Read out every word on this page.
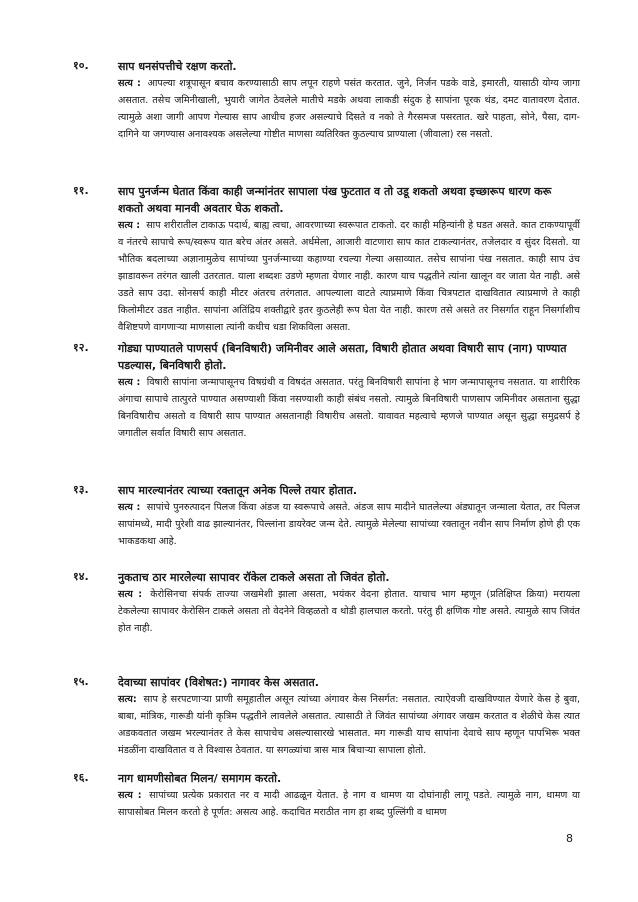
१०.	साप धनसंपत्तीचे रक्षण करतो.
सत्य : आपल्या शत्रूपासून बचाव करण्यासाठी साप लपून राहणे पसंत करतात. जुने, निर्जन पडके वाडे, इमारती, यासाठी योग्य जागा असतात. तसेच जमिनीखाली, भुयारी जागेत ठेवलेले मातीचे मडके अथवा लाकडी संदुक हे सापांना पूरक थंड, दमट वातावरण देतात. त्यामुळे अशा जागी आपण गेल्यास साप आधीच हजर असल्याचे दिसते व नको ते गैरसमज पसरतात. खरे पाहता, सोने, पैसा, दाग-दागिने या जगण्यास अनावश्यक असलेल्या गोष्टीत माणसा व्यतिरिक्त कुठल्याच प्राण्याला (जीवाला) रस नसतो.
११.	साप पुनर्जन्म घेतात किंवा काही जन्मांनंतर सापाला पंख फुटतात व तो उडू शकतो अथवा इच्छारूप धारण करू शकतो अथवा मानवी अवतार घेऊ शकतो.
सत्य : साप शरीरातील टाकाऊ पदार्थ, बाह्य त्वचा, आवरणाच्या स्वरूपात टाकतो. दर काही महिन्यांनी हे घडत असते. कात टाकण्यापूर्वी व नंतरचे सापाचे रूप/स्वरूप यात बरेच अंतर असते. अर्धमेला, आजारी वाटणारा साप कात टाकल्यानंतर, तजेलदार व सुंदर दिसतो. या भौतिक बदलाच्या अज्ञानामुळेच सापांच्या पुनर्जन्माच्या कहाण्या रचल्या गेल्या असाव्यात. तसेच सापांना पंख नसतात. काही साप उंच झाडावरून तरंगत खाली उतरतात. याला शब्दशः उडणे म्हणता येणार नाही. कारण याच पद्धतीने त्यांना खालून वर जाता येत नाही. असे उडते साप उदा. सोनसर्प काही मीटर अंतरच तरंगतात. आपल्याला वाटते त्याप्रमाणे किंवा चित्रपटात दाखवितात त्याप्रमाणे ते काही किलोमीटर उडत नाहीत. सापांना अतिंद्रिय शक्तीद्वारे इतर कुठलेही रूप घेता येत नाही. कारण तसे असते तर निसर्गात राहून निसर्गाशीच वैशिष्टपणे वागणाऱ्या माणसाला त्यांनी कधीच धडा शिकविला असता.
१२.	गोड्या पाण्यातले पाणसर्प (बिनविषारी) जमिनीवर आले असता, विषारी होतात अथवा विषारी साप (नाग) पाण्यात पडल्यास, बिनविषारी होतो.
सत्य : विषारी सापांना जन्मापासूनच विषग्रंथी व विषदंत असतात. परंतु बिनविषारी सापांना हे भाग जन्मापासूनच नसतात. या शारीरिक अंगाचा सापाचे तात्पुरते पाण्यात असण्याशी किंवा नसण्याशी काही संबंध नसतो. त्यामुळे बिनविषारी पाणसाप जमिनीवर असताना सुद्धा बिनविषारीच असतो व विषारी साप पाण्यात असतानाही विषारीच असतो. यावावत महत्वाचे म्हणजे पाण्यात असून सुद्धा समुद्रसर्प हे जगातील सर्वात विषारी साप असतात.
१३.	साप मारल्यानंतर त्याच्या रक्तातून अनेक पिल्ले तयार होतात.
सत्य : सापांचे पुनरुत्पादन पिलज किंवा अंडज या स्वरूपाचे असते. अंडज साप मादीने घातलेल्या अंड्यातून जन्माला येतात, तर पिलज सापांमध्ये, मादी पुरेशी वाढ झाल्यानंतर, पिल्लांना डायरेक्ट जन्म देते. त्यामुळे मेलेल्या सापांच्या रक्तातून नवीन साप निर्माण होणे ही एक भाकडकथा आहे.
१४.	नुकताच ठार मारलेल्या सापावर रॉकेल टाकले असता तो जिवंत होतो.
सत्य : केरोसिनचा संपर्क ताज्या जखमेशी झाला असता, भयंकर वेदना होतात. याचाच भाग म्हणून (प्रतिक्षिप्त क्रिया) मरायला टेकलेल्या सापावर केरोसिन टाकले असता तो वेदनेने विव्हळतो व थोडी हालचाल करतो. परंतु ही क्षणिक गोष्ट असते. त्यामुळे साप जिवंत होत नाही.
१५.	देवाच्या सापांवर (विशेषत:) नागावर केस असतात.
सत्य: साप हे सरपटणाऱ्या प्राणी समूहातील असून त्यांच्या अंगावर केस निसर्गत: नसतात. त्याऐवजी दाखविण्यात येणारे केस हे बुवा, बाबा, मांत्रिक, गारूडी यांनी कृत्रिम पद्धतीने लावलेले असतात. त्यासाठी ते जिवंत सापांच्या अंगावर जखम करतात व शेळीचे केस त्यात अडकवतात जखम भरल्यानंतर ते केस सापाचेच असल्यासारखे भासतात. मग गारूडी याच सापांना देवाचे साप म्हणून पापभिरू भक्त मंडळींना दाखवितात व ते विश्वास ठेवतात. या सगळ्यांचा त्रास मात्र बिचाऱ्या सापाला होतो.
१६.	नाग धामणीसोबत मिलन/ समागम करतो.
सत्य : सापांच्या प्रत्येक प्रकारात नर व मादी आढळून येतात. हे नाग व धामण या दोघांनाही लागू पडते. त्यामुळे नाग, धामण या सापासोबत मिलन करतो हे पूर्णत: असत्य आहे. कदाचित मराठीत नाग हा शब्द पुल्लिंगी व धामण
8
